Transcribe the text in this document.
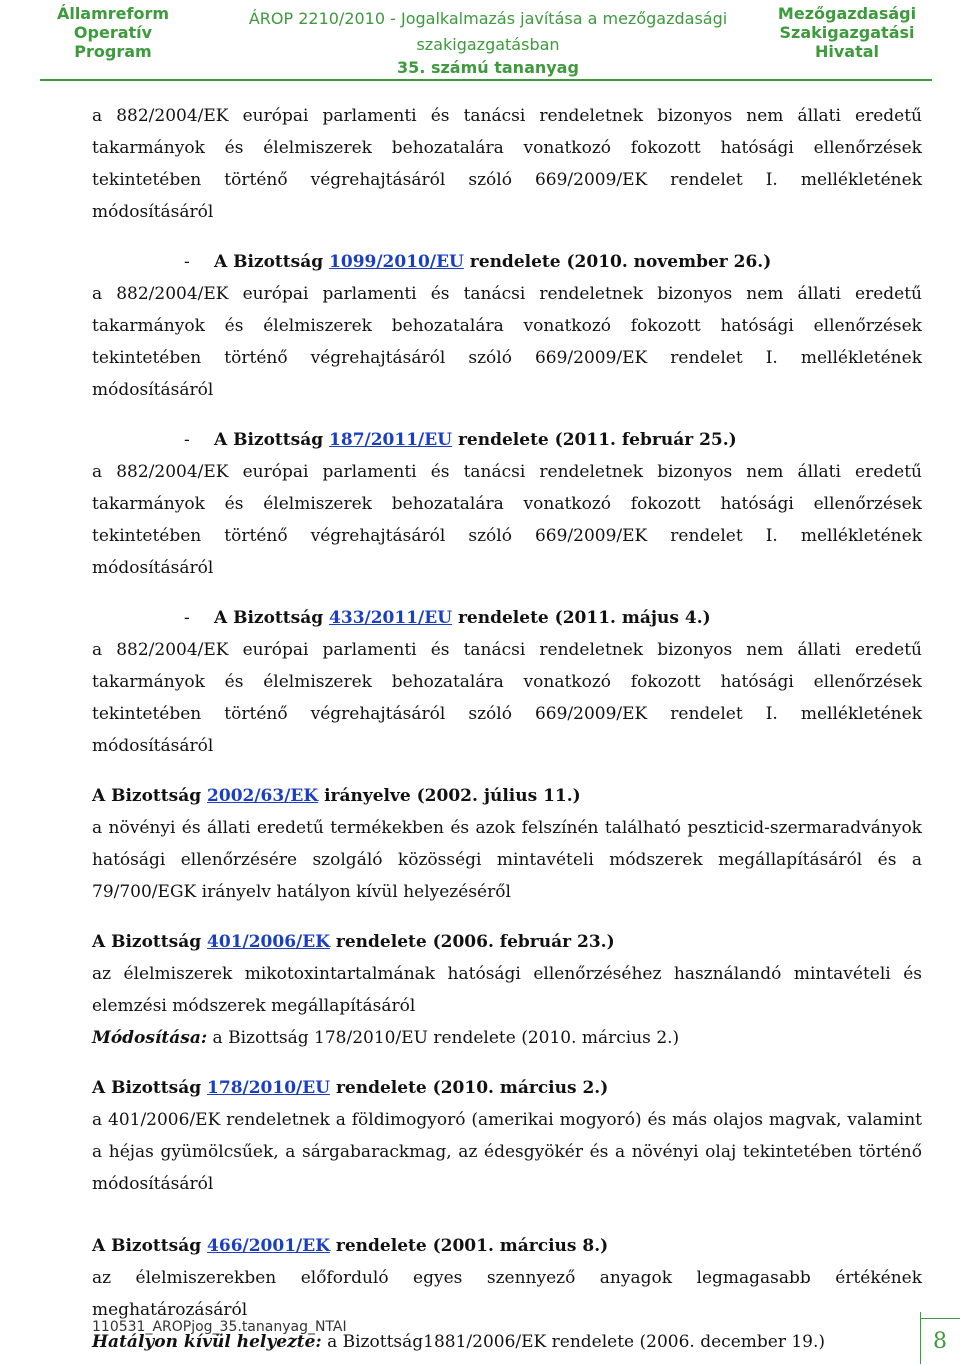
Államreform
Operatív
Program
ÁROP 2210/2010 - Jogalkalmazás javítása a mezőgazdasági
szakigazgatásban
35. számú tananyag
Mezőgazdasági
Szakigazgatási
Hivatal
a 882/2004/EK európai parlamenti és tanácsi rendeletnek bizonyos nem állati eredetű takarmányok és élelmiszerek behozatalára vonatkozó fokozott hatósági ellenőrzések tekintetében történő végrehajtásáról szóló 669/2009/EK rendelet I. mellékletének módosításáról
- A Bizottság 1099/2010/EU rendelete (2010. november 26.)
a 882/2004/EK európai parlamenti és tanácsi rendeletnek bizonyos nem állati eredetű takarmányok és élelmiszerek behozatalára vonatkozó fokozott hatósági ellenőrzések tekintetében történő végrehajtásáról szóló 669/2009/EK rendelet I. mellékletének módosításáról
- A Bizottság 187/2011/EU rendelete (2011. február 25.)
a 882/2004/EK európai parlamenti és tanácsi rendeletnek bizonyos nem állati eredetű takarmányok és élelmiszerek behozatalára vonatkozó fokozott hatósági ellenőrzések tekintetében történő végrehajtásáról szóló 669/2009/EK rendelet I. mellékletének módosításáról
- A Bizottság 433/2011/EU rendelete (2011. május 4.)
a 882/2004/EK európai parlamenti és tanácsi rendeletnek bizonyos nem állati eredetű takarmányok és élelmiszerek behozatalára vonatkozó fokozott hatósági ellenőrzések tekintetében történő végrehajtásáról szóló 669/2009/EK rendelet I. mellékletének módosításáról
A Bizottság 2002/63/EK irányelve (2002. július 11.)
a növényi és állati eredetű termékekben és azok felszínén található peszticid-szermaradványok hatósági ellenőrzésére szolgáló közösségi mintavételi módszerek megállapításáról és a 79/700/EGK irányelv hatályon kívül helyezéséről
A Bizottság 401/2006/EK rendelete (2006. február 23.)
az élelmiszerek mikotoxintartalmának hatósági ellenőrzéséhez használandó mintavételi és elemzési módszerek megállapításáról
Módosítása: a Bizottság 178/2010/EU rendelete (2010. március 2.)
A Bizottság 178/2010/EU rendelete (2010. március 2.)
a 401/2006/EK rendeletnek a földimogyoró (amerikai mogyoró) és más olajos magvak, valamint a héjas gyümölcsűek, a sárgabarackmag, az édesgyökér és a növényi olaj tekintetében történő módosításáról
A Bizottság 466/2001/EK rendelete (2001. március 8.)
az élelmiszerekben előforduló egyes szennyező anyagok legmagasabb értékének meghatározásáról
Hatályon kívül helyezte: a Bizottság1881/2006/EK rendelete (2006. december 19.)
110531_AROPjog_35.tananyag_NTAI
8
